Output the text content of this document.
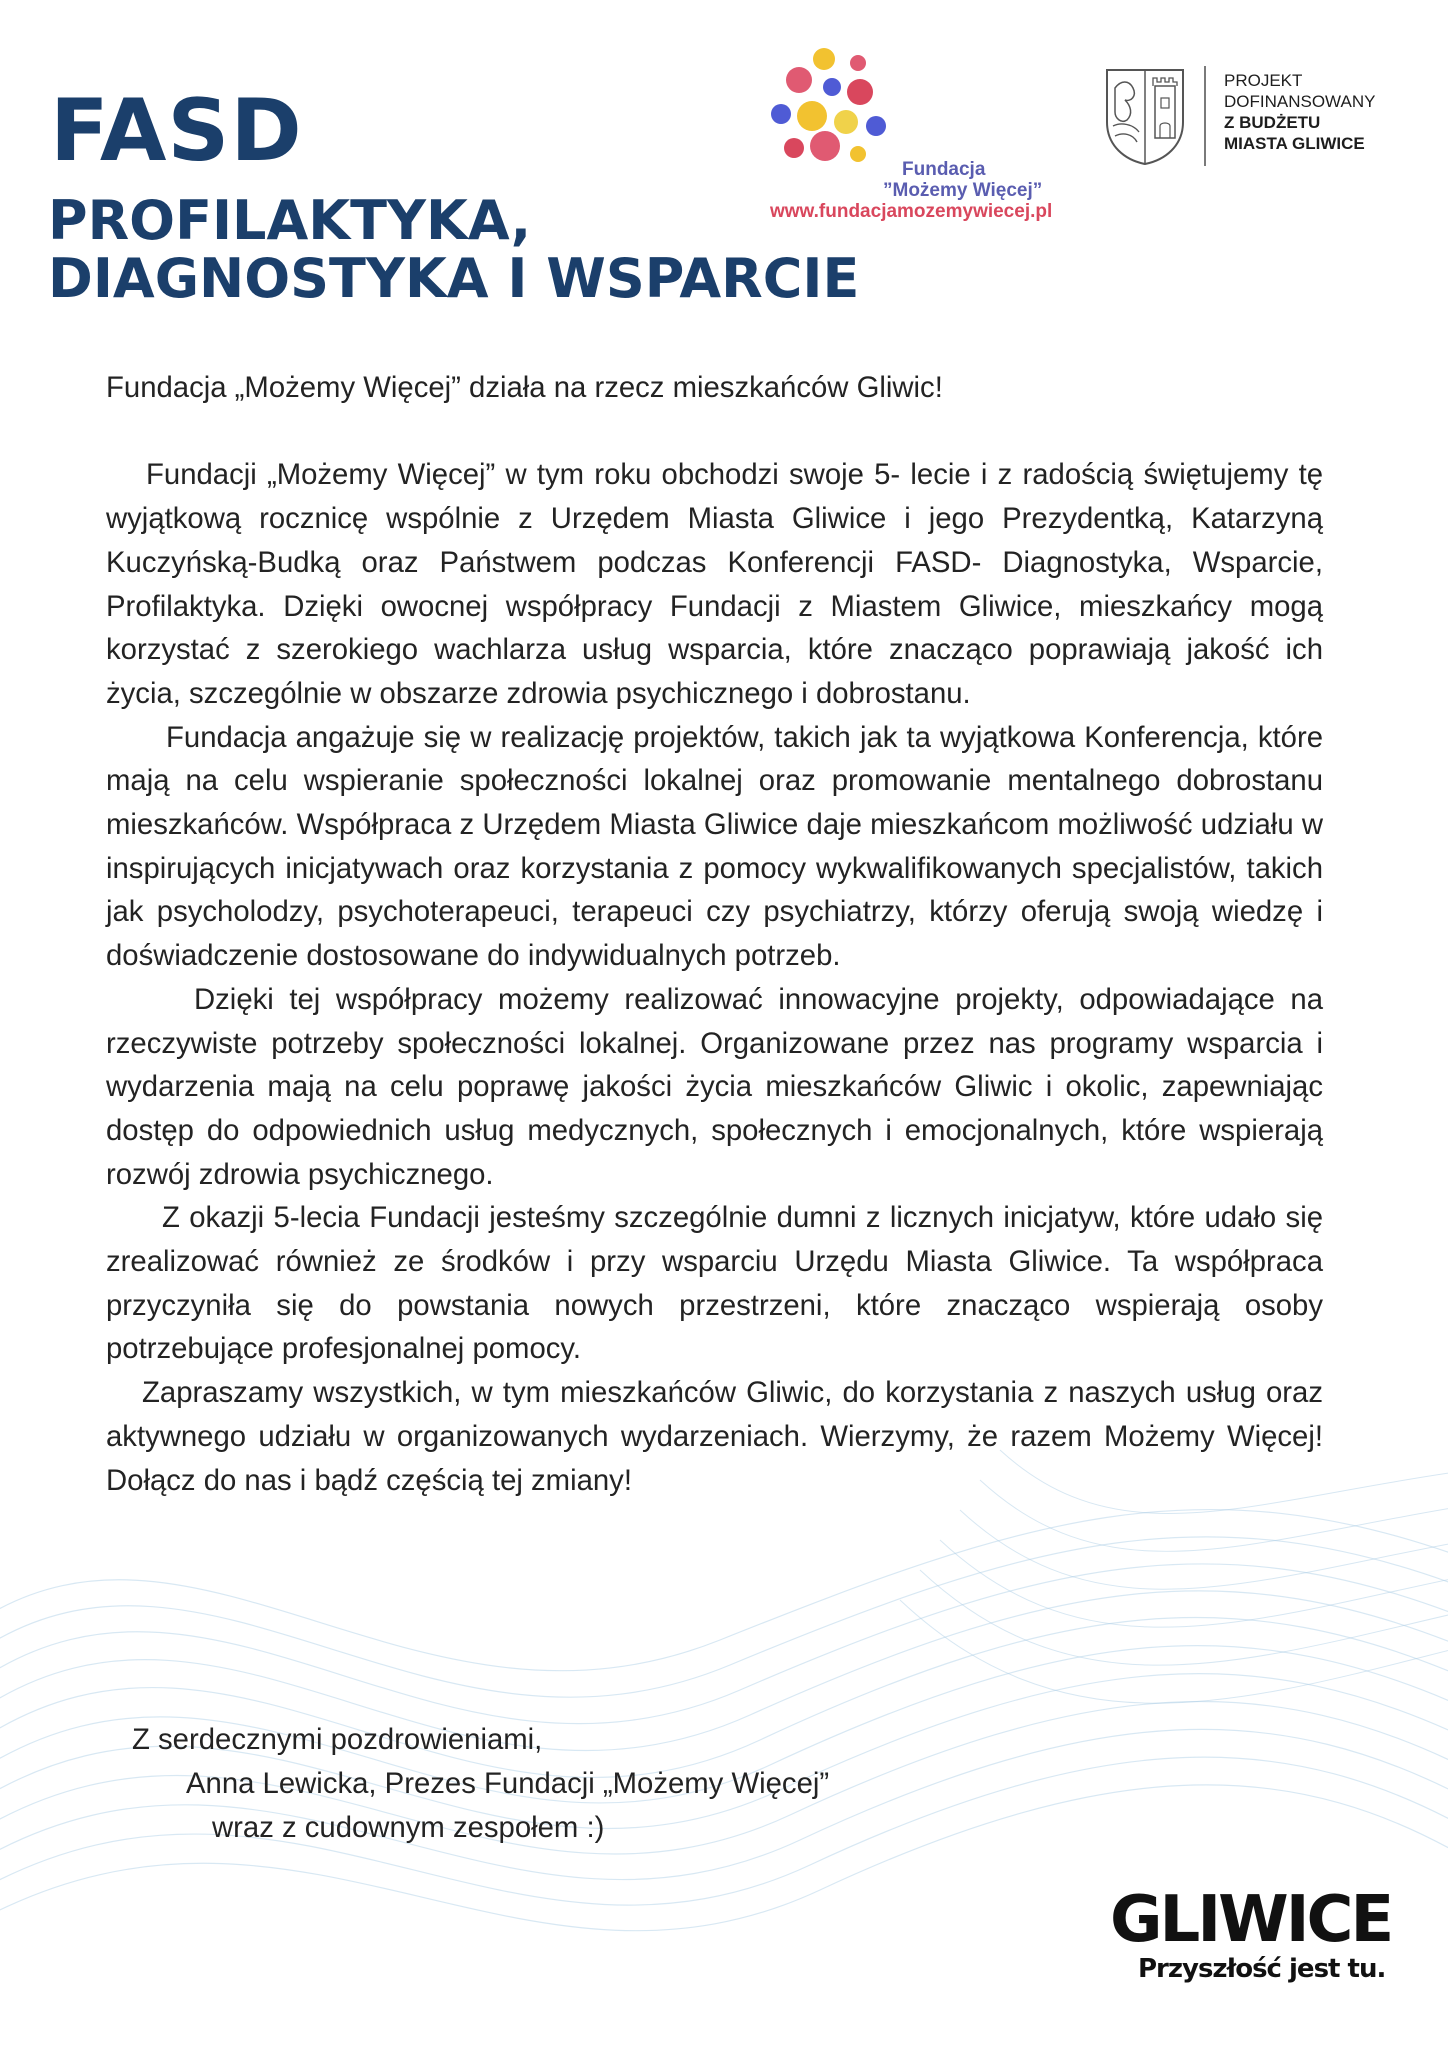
FASD
PROFILAKTYKA, DIAGNOSTYKA I WSPARCIE
Fundacja
”Możemy Więcej”
www.fundacjamozemywiecej.pl
PROJEKT
DOFINANSOWANY
Z BUDŻETU
MIASTA GLIWICE

Fundacja „Możemy Więcej” działa na rzecz mieszkańców Gliwic!

Fundacji „Możemy Więcej” w tym roku obchodzi swoje 5- lecie i z radością świętujemy tę wyjątkową rocznicę wspólnie z Urzędem Miasta Gliwice i jego Prezydentką, Katarzyną Kuczyńską-Budką oraz Państwem podczas Konferencji FASD- Diagnostyka, Wsparcie, Profilaktyka. Dzięki owocnej współpracy Fundacji z Miastem Gliwice, mieszkańcy mogą korzystać z szerokiego wachlarza usług wsparcia, które znacząco poprawiają jakość ich życia, szczególnie w obszarze zdrowia psychicznego i dobrostanu.

Fundacja angażuje się w realizację projektów, takich jak ta wyjątkowa Konferencja, które mają na celu wspieranie społeczności lokalnej oraz promowanie mentalnego dobrostanu mieszkańców. Współpraca z Urzędem Miasta Gliwice daje mieszkańcom możliwość udziału w inspirujących inicjatywach oraz korzystania z pomocy wykwalifikowanych specjalistów, takich jak psycholodzy, psychoterapeuci, terapeuci czy psychiatrzy, którzy oferują swoją wiedzę i doświadczenie dostosowane do indywidualnych potrzeb.

Dzięki tej współpracy możemy realizować innowacyjne projekty, odpowiadające na rzeczywiste potrzeby społeczności lokalnej. Organizowane przez nas programy wsparcia i wydarzenia mają na celu poprawę jakości życia mieszkańców Gliwic i okolic, zapewniając dostęp do odpowiednich usług medycznych, społecznych i emocjonalnych, które wspierają rozwój zdrowia psychicznego.

Z okazji 5-lecia Fundacji jesteśmy szczególnie dumni z licznych inicjatyw, które udało się zrealizować również ze środków i przy wsparciu Urzędu Miasta Gliwice. Ta współpraca przyczyniła się do powstania nowych przestrzeni, które znacząco wspierają osoby potrzebujące profesjonalnej pomocy.

Zapraszamy wszystkich, w tym mieszkańców Gliwic, do korzystania z naszych usług oraz aktywnego udziału w organizowanych wydarzeniach. Wierzymy, że razem Możemy Więcej! Dołącz do nas i bądź częścią tej zmiany!

Z serdecznymi pozdrowieniami,
Anna Lewicka, Prezes Fundacji „Możemy Więcej”
wraz z cudownym zespołem :)
GLIWICE
Przyszłość jest tu.
